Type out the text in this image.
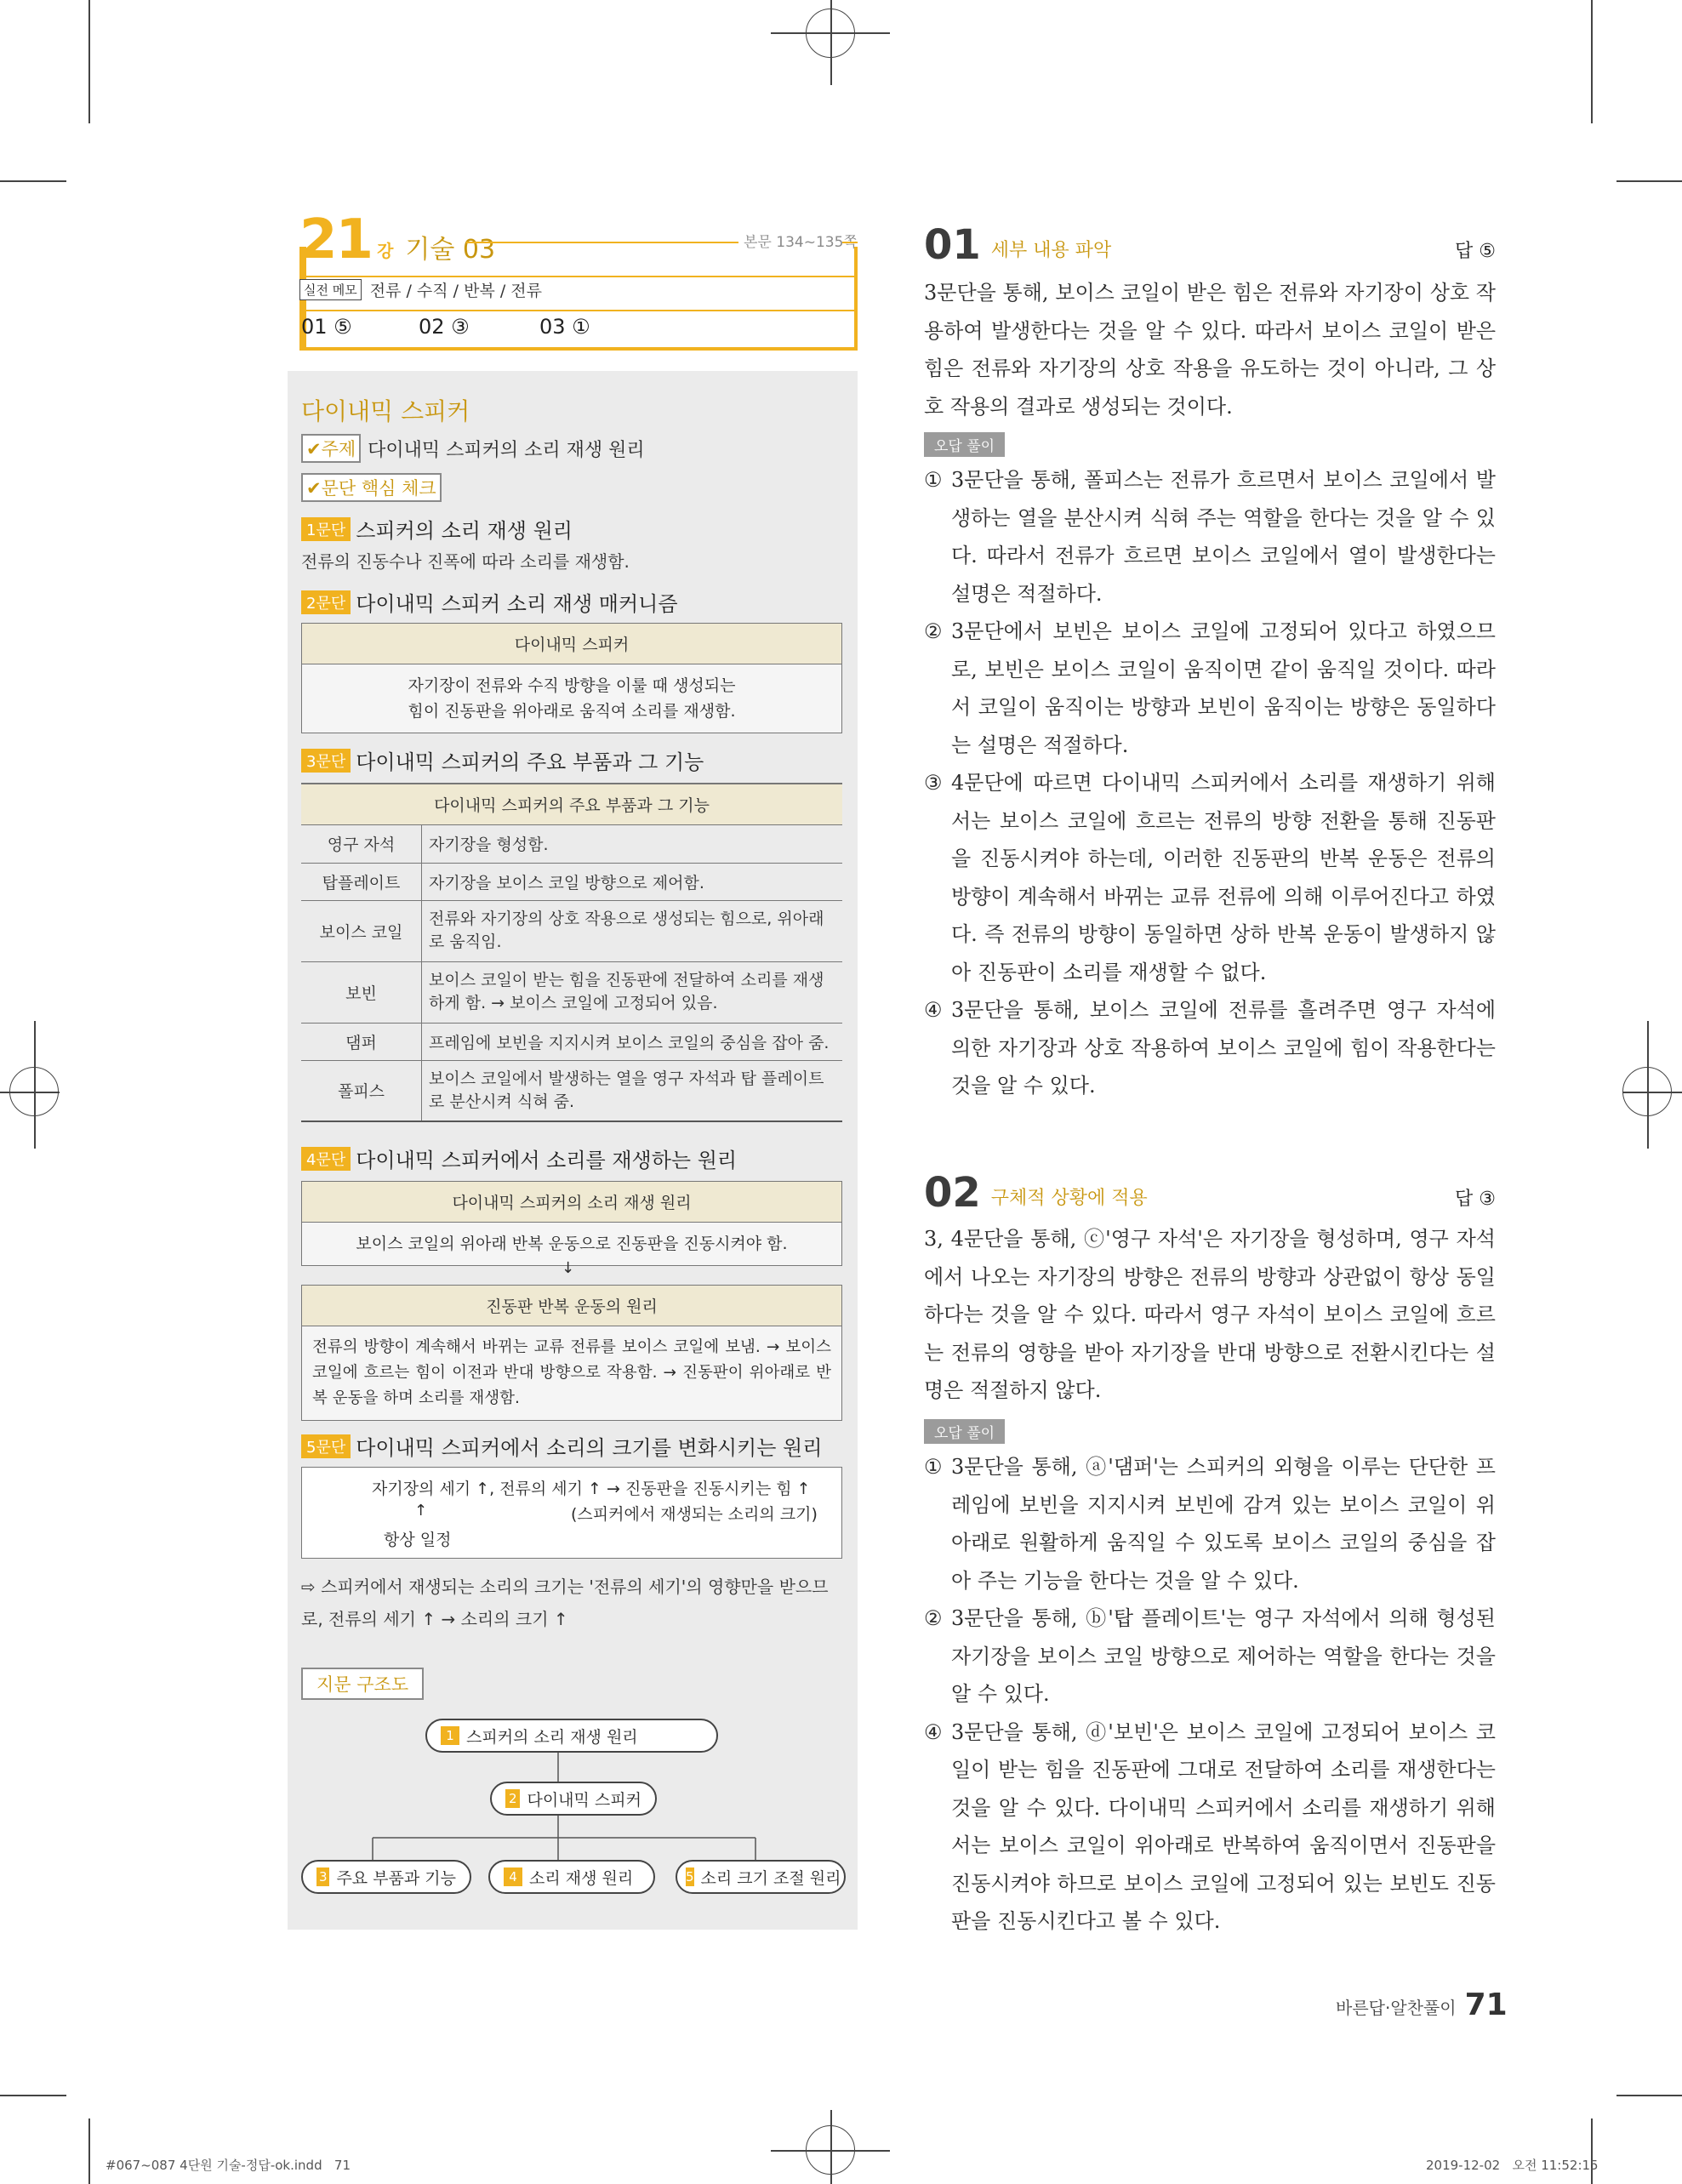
21 강 기술 03	본문 134~135쪽
실전 메모 전류 / 수직 / 반복 / 전류
01 ⑤	02 ③	03 ①
다이내믹 스피커
✔주제 다이내믹 스피커의 소리 재생 원리
✔문단 핵심 체크
1문단 스피커의 소리 재생 원리
전류의 진동수나 진폭에 따라 소리를 재생함.
2문단 다이내믹 스피커 소리 재생 매커니즘
다이내믹 스피커
자기장이 전류와 수직 방향을 이룰 때 생성되는
힘이 진동판을 위아래로 움직여 소리를 재생함.
3문단 다이내믹 스피커의 주요 부품과 그 기능
다이내믹 스피커의 주요 부품과 그 기능
영구 자석	자기장을 형성함.
탑플레이트	자기장을 보이스 코일 방향으로 제어함.
보이스 코일	전류와 자기장의 상호 작용으로 생성되는 힘으로, 위아래로 움직임.
보빈	보이스 코일이 받는 힘을 진동판에 전달하여 소리를 재생하게 함. → 보이스 코일에 고정되어 있음.
댐퍼	프레임에 보빈을 지지시켜 보이스 코일의 중심을 잡아 줌.
폴피스	보이스 코일에서 발생하는 열을 영구 자석과 탑 플레이트로 분산시켜 식혀 줌.
4문단 다이내믹 스피커에서 소리를 재생하는 원리
다이내믹 스피커의 소리 재생 원리
보이스 코일의 위아래 반복 운동으로 진동판을 진동시켜야 함.
↓
진동판 반복 운동의 원리
전류의 방향이 계속해서 바뀌는 교류 전류를 보이스 코일에 보냄. → 보이스 코일에 흐르는 힘이 이전과 반대 방향으로 작용함. → 진동판이 위아래로 반복 운동을 하며 소리를 재생함.
5문단 다이내믹 스피커에서 소리의 크기를 변화시키는 원리
자기장의 세기 ↑, 전류의 세기 ↑ → 진동판을 진동시키는 힘 ↑
↑	(스피커에서 재생되는 소리의 크기)
항상 일정
⇨ 스피커에서 재생되는 소리의 크기는 '전류의 세기'의 영향만을 받으므로, 전류의 세기 ↑ → 소리의 크기 ↑
지문 구조도
1 스피커의 소리 재생 원리
2 다이내믹 스피커
3 주요 부품과 기능	4 소리 재생 원리	5 소리 크기 조절 원리
01 세부 내용 파악	답 ⑤
3문단을 통해, 보이스 코일이 받은 힘은 전류와 자기장이 상호 작용하여 발생한다는 것을 알 수 있다. 따라서 보이스 코일이 받은 힘은 전류와 자기장의 상호 작용을 유도하는 것이 아니라, 그 상호 작용의 결과로 생성되는 것이다.
오답 풀이
① 3문단을 통해, 폴피스는 전류가 흐르면서 보이스 코일에서 발생하는 열을 분산시켜 식혀 주는 역할을 한다는 것을 알 수 있다. 따라서 전류가 흐르면 보이스 코일에서 열이 발생한다는 설명은 적절하다.
② 3문단에서 보빈은 보이스 코일에 고정되어 있다고 하였으므로, 보빈은 보이스 코일이 움직이면 같이 움직일 것이다. 따라서 코일이 움직이는 방향과 보빈이 움직이는 방향은 동일하다는 설명은 적절하다.
③ 4문단에 따르면 다이내믹 스피커에서 소리를 재생하기 위해서는 보이스 코일에 흐르는 전류의 방향 전환을 통해 진동판을 진동시켜야 하는데, 이러한 진동판의 반복 운동은 전류의 방향이 계속해서 바뀌는 교류 전류에 의해 이루어진다고 하였다. 즉 전류의 방향이 동일하면 상하 반복 운동이 발생하지 않아 진동판이 소리를 재생할 수 없다.
④ 3문단을 통해, 보이스 코일에 전류를 흘려주면 영구 자석에 의한 자기장과 상호 작용하여 보이스 코일에 힘이 작용한다는 것을 알 수 있다.
02 구체적 상황에 적용	답 ③
3, 4문단을 통해, ⓒ'영구 자석'은 자기장을 형성하며, 영구 자석에서 나오는 자기장의 방향은 전류의 방향과 상관없이 항상 동일하다는 것을 알 수 있다. 따라서 영구 자석이 보이스 코일에 흐르는 전류의 영향을 받아 자기장을 반대 방향으로 전환시킨다는 설명은 적절하지 않다.
오답 풀이
① 3문단을 통해, ⓐ'댐퍼'는 스피커의 외형을 이루는 단단한 프레임에 보빈을 지지시켜 보빈에 감겨 있는 보이스 코일이 위아래로 원활하게 움직일 수 있도록 보이스 코일의 중심을 잡아 주는 기능을 한다는 것을 알 수 있다.
② 3문단을 통해, ⓑ'탑 플레이트'는 영구 자석에서 의해 형성된 자기장을 보이스 코일 방향으로 제어하는 역할을 한다는 것을 알 수 있다.
④ 3문단을 통해, ⓓ'보빈'은 보이스 코일에 고정되어 보이스 코일이 받는 힘을 진동판에 그대로 전달하여 소리를 재생한다는 것을 알 수 있다. 다이내믹 스피커에서 소리를 재생하기 위해서는 보이스 코일이 위아래로 반복하여 움직이면서 진동판을 진동시켜야 하므로 보이스 코일에 고정되어 있는 보빈도 진동판을 진동시킨다고 볼 수 있다.
바른답·알찬풀이 71
#067~087 4단원 기술-정답-ok.indd   71	2019-12-02   오전 11:52:15
